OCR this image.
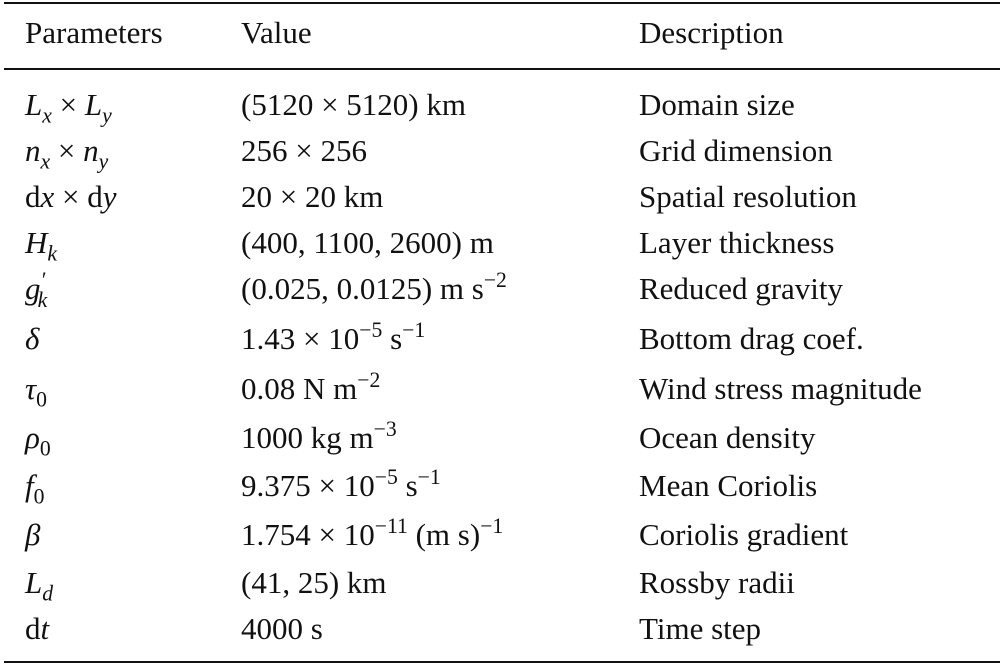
Parameters	Value	Description
$L_x \times L_y$	(5120 × 5120) km	Domain size
$n_x \times n_y$	256 × 256	Grid dimension
dx × dy	20 × 20 km	Spatial resolution
$H_k$	(400, 1100, 2600) m	Layer thickness
$g'_k$	(0.025, 0.0125) m $s^{-2}$	Reduced gravity
δ	$1.43 \times 10^{-5}$ $s^{-1}$	Bottom drag coef.
$\tau_0$	0.08 N $m^{-2}$	Wind stress magnitude
$\rho_0$	1000 kg $m^{-3}$	Ocean density
$f_0$	$9.375 \times 10^{-5}$ $s^{-1}$	Mean Coriolis
β	$1.754 \times 10^{-11}$ (m s)$^{-1}$	Coriolis gradient
$L_d$	(41, 25) km	Rossby radii
dt	4000 s	Time step
